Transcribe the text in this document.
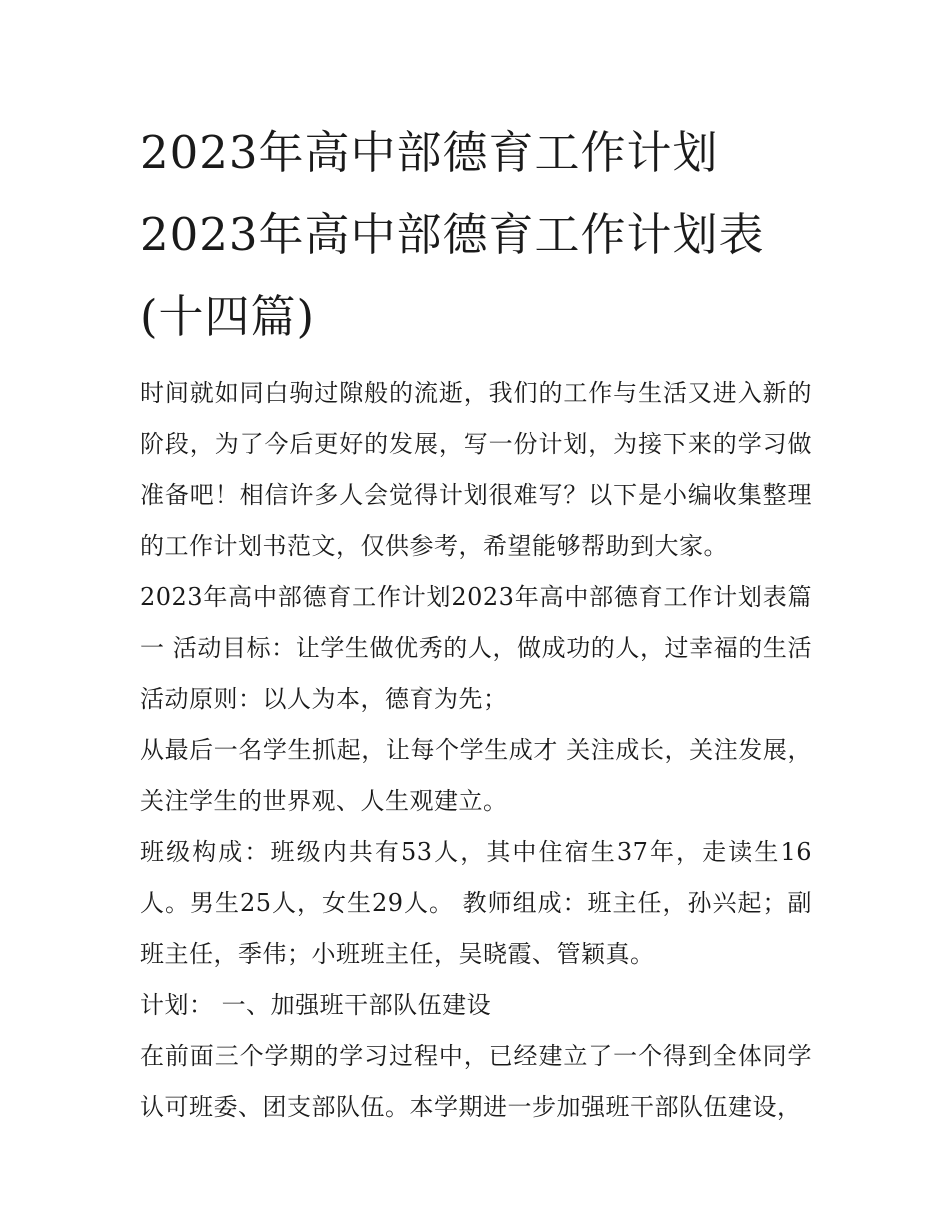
2023年高中部德育工作计划
2023年高中部德育工作计划表
(十四篇)

时间就如同白驹过隙般的流逝，我们的工作与生活又进入新的阶段，为了今后更好的发展，写一份计划，为接下来的学习做准备吧！相信许多人会觉得计划很难写？以下是小编收集整理的工作计划书范文，仅供参考，希望能够帮助到大家。

2023年高中部德育工作计划2023年高中部德育工作计划表篇一 活动目标：让学生做优秀的人，做成功的人，过幸福的生活 活动原则：以人为本，德育为先；

从最后一名学生抓起，让每个学生成才 关注成长，关注发展，关注学生的世界观、人生观建立。

班级构成：班级内共有53人，其中住宿生37年，走读生16人。男生25人，女生29人。 教师组成：班主任，孙兴起；副班主任，季伟；小班班主任，吴晓霞、管颖真。

计划： 一、加强班干部队伍建设

在前面三个学期的学习过程中，已经建立了一个得到全体同学认可班委、团支部队伍。本学期进一步加强班干部队伍建设，
